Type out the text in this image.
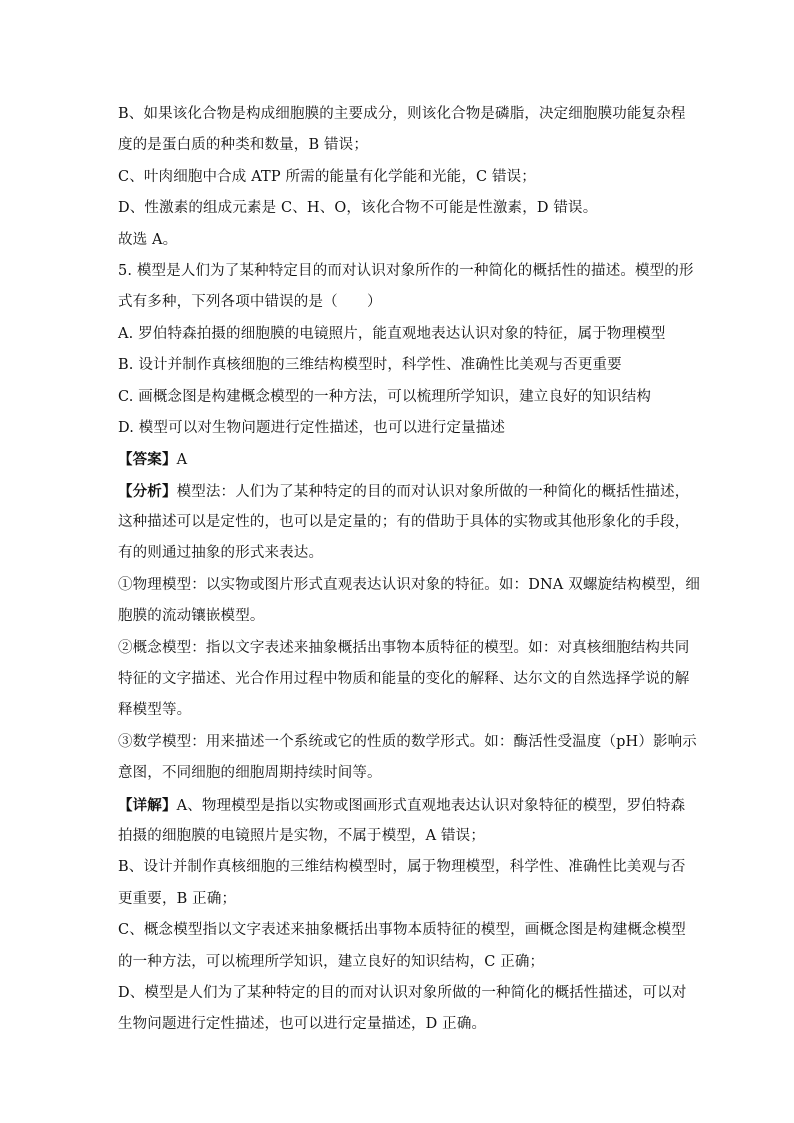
B、如果该化合物是构成细胞膜的主要成分，则该化合物是磷脂，决定细胞膜功能复杂程
度的是蛋白质的种类和数量，B 错误；
C、叶肉细胞中合成 ATP 所需的能量有化学能和光能，C 错误；
D、性激素的组成元素是 C、H、O，该化合物不可能是性激素，D 错误。
故选 A。
5. 模型是人们为了某种特定目的而对认识对象所作的一种简化的概括性的描述。模型的形
式有多种，下列各项中错误的是（　　）
A. 罗伯特森拍摄的细胞膜的电镜照片，能直观地表达认识对象的特征，属于物理模型
B. 设计并制作真核细胞的三维结构模型时，科学性、准确性比美观与否更重要
C. 画概念图是构建概念模型的一种方法，可以梳理所学知识，建立良好的知识结构
D. 模型可以对生物问题进行定性描述，也可以进行定量描述
【答案】A
【分析】模型法：人们为了某种特定的目的而对认识对象所做的一种简化的概括性描述，
这种描述可以是定性的，也可以是定量的；有的借助于具体的实物或其他形象化的手段，
有的则通过抽象的形式来表达。
①物理模型：以实物或图片形式直观表达认识对象的特征。如：DNA 双螺旋结构模型，细
胞膜的流动镶嵌模型。
②概念模型：指以文字表述来抽象概括出事物本质特征的模型。如：对真核细胞结构共同
特征的文字描述、光合作用过程中物质和能量的变化的解释、达尔文的自然选择学说的解
释模型等。
③数学模型：用来描述一个系统或它的性质的数学形式。如：酶活性受温度（pH）影响示
意图，不同细胞的细胞周期持续时间等。
【详解】A、物理模型是指以实物或图画形式直观地表达认识对象特征的模型，罗伯特森
拍摄的细胞膜的电镜照片是实物，不属于模型，A 错误；
B、设计并制作真核细胞的三维结构模型时，属于物理模型，科学性、准确性比美观与否
更重要，B 正确；
C、概念模型指以文字表述来抽象概括出事物本质特征的模型，画概念图是构建概念模型
的一种方法，可以梳理所学知识，建立良好的知识结构，C 正确；
D、模型是人们为了某种特定的目的而对认识对象所做的一种简化的概括性描述，可以对
生物问题进行定性描述，也可以进行定量描述，D 正确。
